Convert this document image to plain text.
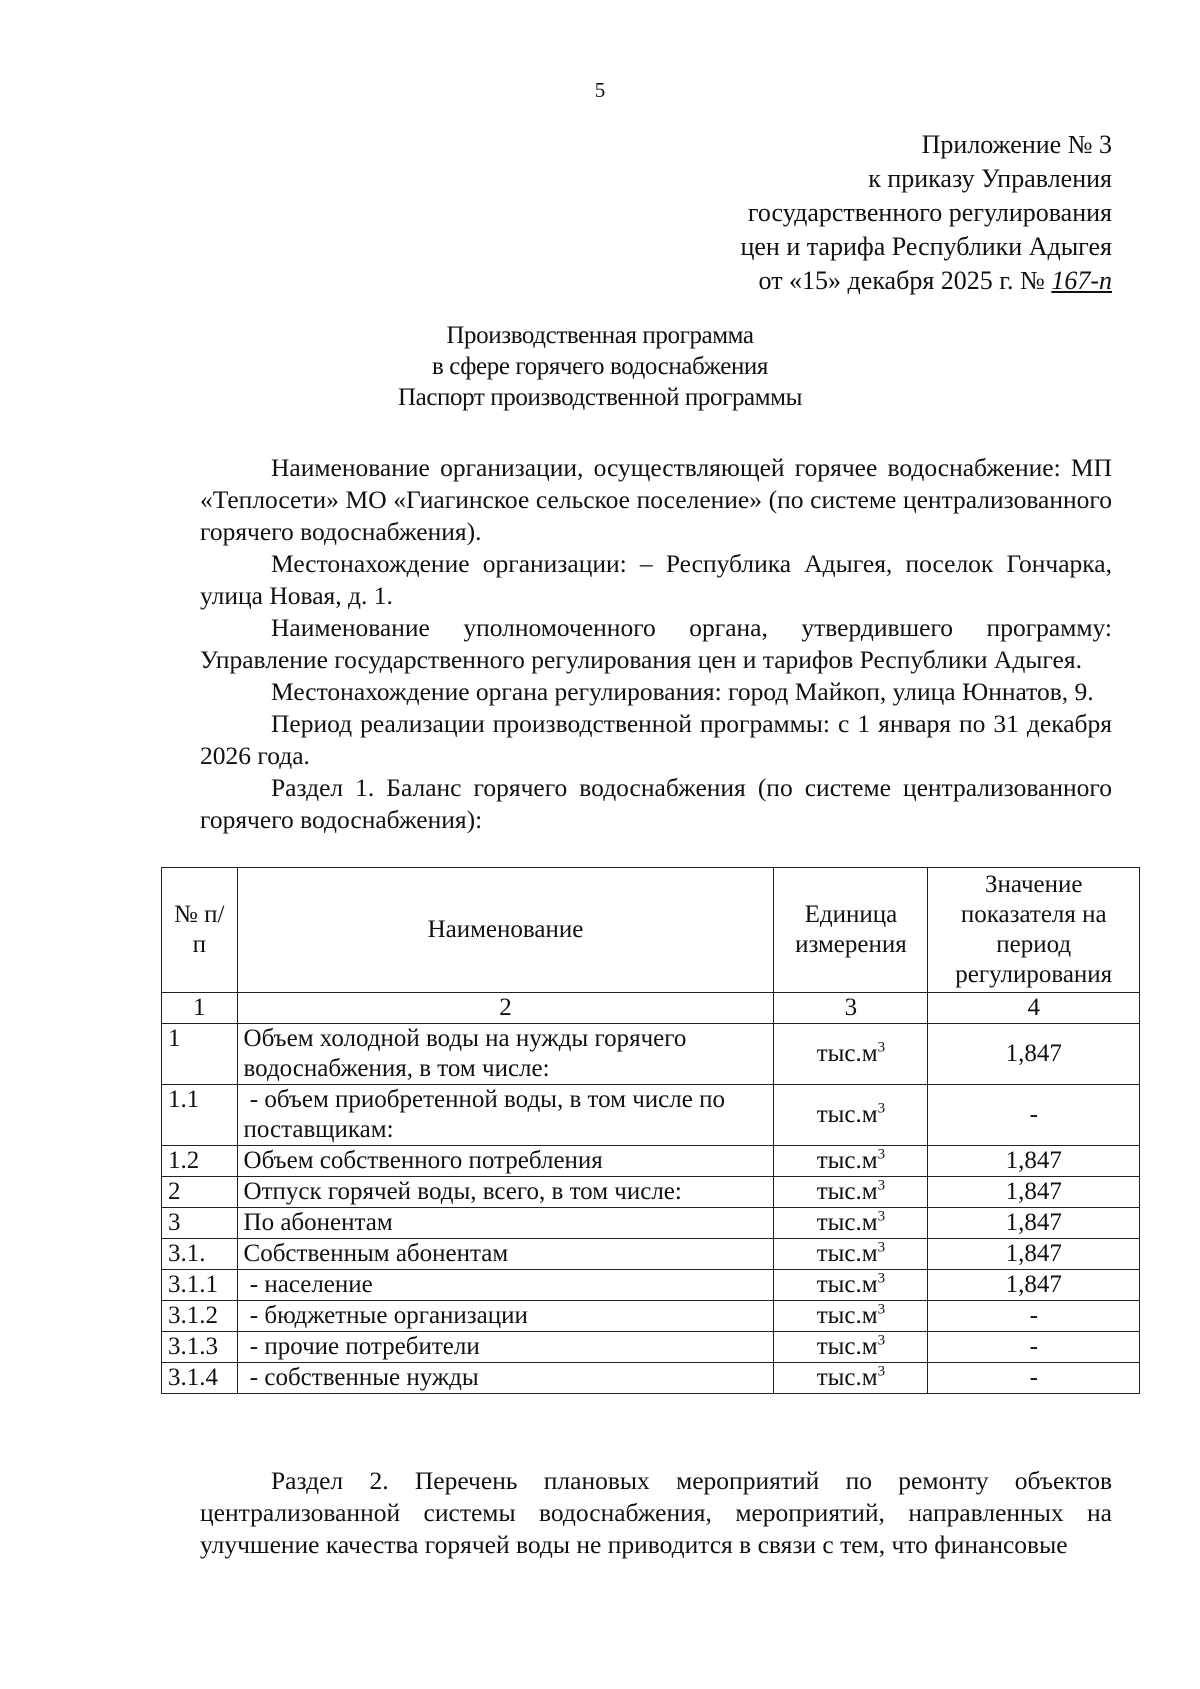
5
Приложение № 3
к приказу Управления
государственного регулирования
цен и тарифа Республики Адыгея
от «15» декабря 2025 г. № 167-п
Производственная программа
в сфере горячего водоснабжения
Паспорт производственной программы

Наименование организации, осуществляющей горячее водоснабжение: МП «Теплосети» МО «Гиагинское сельское поселение» (по системе централизованного горячего водоснабжения).

Местонахождение организации: – Республика Адыгея, поселок Гончарка, улица Новая, д. 1.

Наименование уполномоченного органа, утвердившего программу: Управление государственного регулирования цен и тарифов Республики Адыгея.

Местонахождение органа регулирования: город Майкоп, улица Юннатов, 9.

Период реализации производственной программы: с 1 января по 31 декабря 2026 года.

Раздел 1. Баланс горячего водоснабжения (по системе централизованного горячего водоснабжения):

№ п/п	Наименование	Единица измерения	Значение показателя на период регулирования
1	2	3	4
1	Объем холодной воды на нужды горячего водоснабжения, в том числе:	$тыс.м^3$	1,847
1.1	- объем приобретенной воды, в том числе по поставщикам:	$тыс.м^3$	-
1.2	Объем собственного потребления	$тыс.м^3$	1,847
2	Отпуск горячей воды, всего, в том числе:	$тыс.м^3$	1,847
3	По абонентам	$тыс.м^3$	1,847
3.1.	Собственным абонентам	$тыс.м^3$	1,847
3.1.1	- население	$тыс.м^3$	1,847
3.1.2	- бюджетные организации	$тыс.м^3$	-
3.1.3	- прочие потребители	$тыс.м^3$	-
3.1.4	- собственные нужды	$тыс.м^3$	-

Раздел 2. Перечень плановых мероприятий по ремонту объектов централизованной системы водоснабжения, мероприятий, направленных на улучшение качества горячей воды не приводится в связи с тем, что финансовые
